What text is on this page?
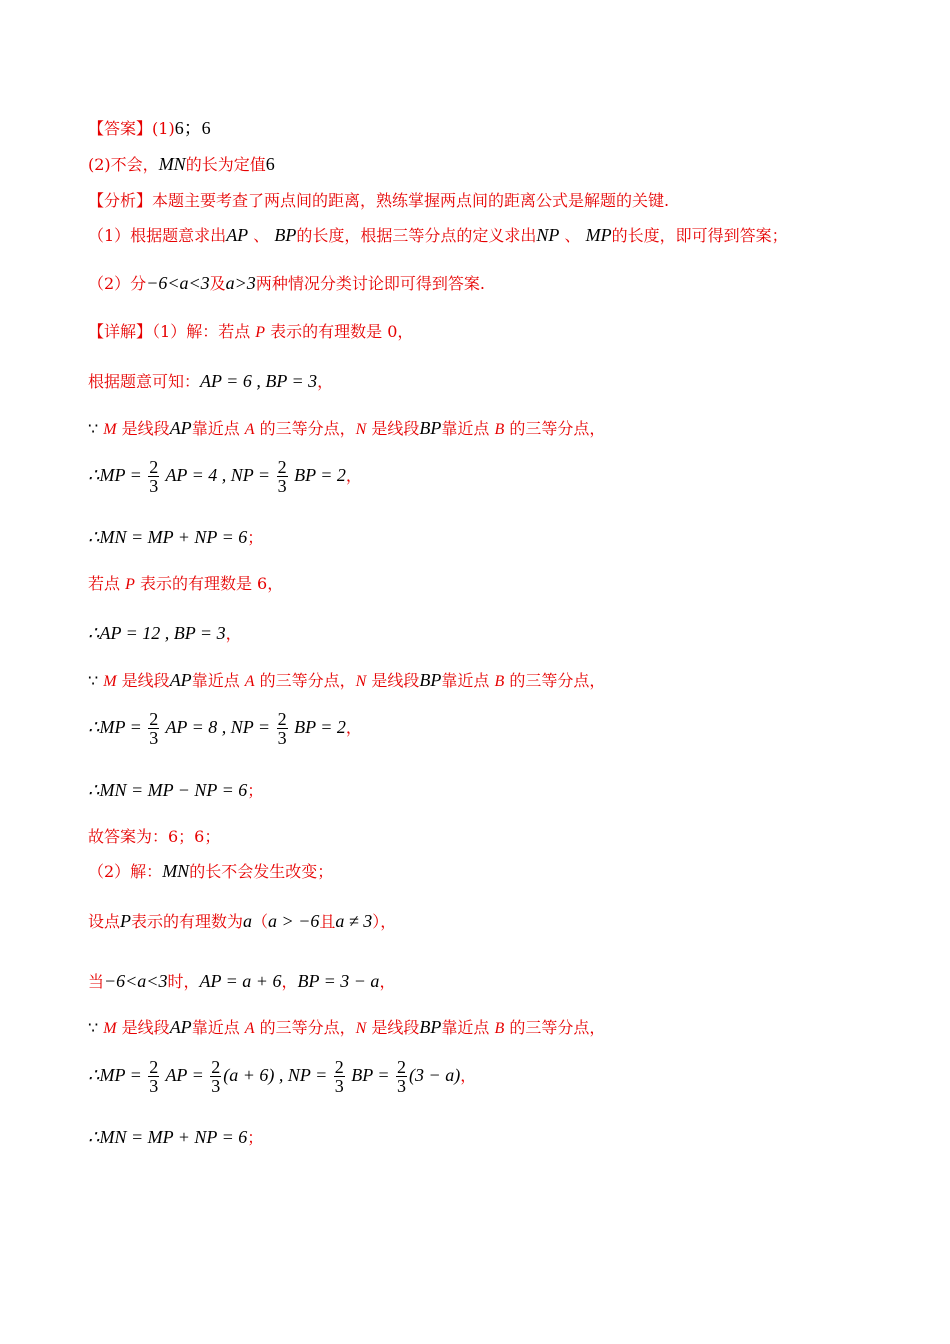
【答案】(1)6；6
(2)不会，MN的长为定值6
【分析】本题主要考查了两点间的距离，熟练掌握两点间的距离公式是解题的关键.
（1）根据题意求出AP 、 BP的长度，根据三等分点的定义求出NP 、 MP的长度，即可得到答案；
（2）分−6<a<3及a>3两种情况分类讨论即可得到答案.
【详解】（1）解：若点 P 表示的有理数是 0，
根据题意可知：AP = 6 , BP = 3，
∵ M 是线段AP靠近点 A 的三等分点，N 是线段BP靠近点 B 的三等分点，
∴MP = $\frac{2}{3}$ AP = 4 , NP = $\frac{2}{3}$ BP = 2，
∴MN = MP + NP = 6；
若点 P 表示的有理数是 6，
∴AP = 12 , BP = 3，
∵ M 是线段AP靠近点 A 的三等分点，N 是线段BP靠近点 B 的三等分点，
∴MP = $\frac{2}{3}$ AP = 8 , NP = $\frac{2}{3}$ BP = 2，
∴MN = MP − NP = 6；
故答案为：6；6；
（2）解：MN的长不会发生改变；
设点P表示的有理数为a（a > −6且a ≠ 3），
当−6<a<3时，AP = a + 6，BP = 3 − a，
∵ M 是线段AP靠近点 A 的三等分点，N 是线段BP靠近点 B 的三等分点，
∴MP = $\frac{2}{3}$ AP = $\frac{2}{3} (a + 6)$ , NP = $\frac{2}{3}$ BP = $\frac{2}{3} (3 - a)$，
∴MN = MP + NP = 6；
